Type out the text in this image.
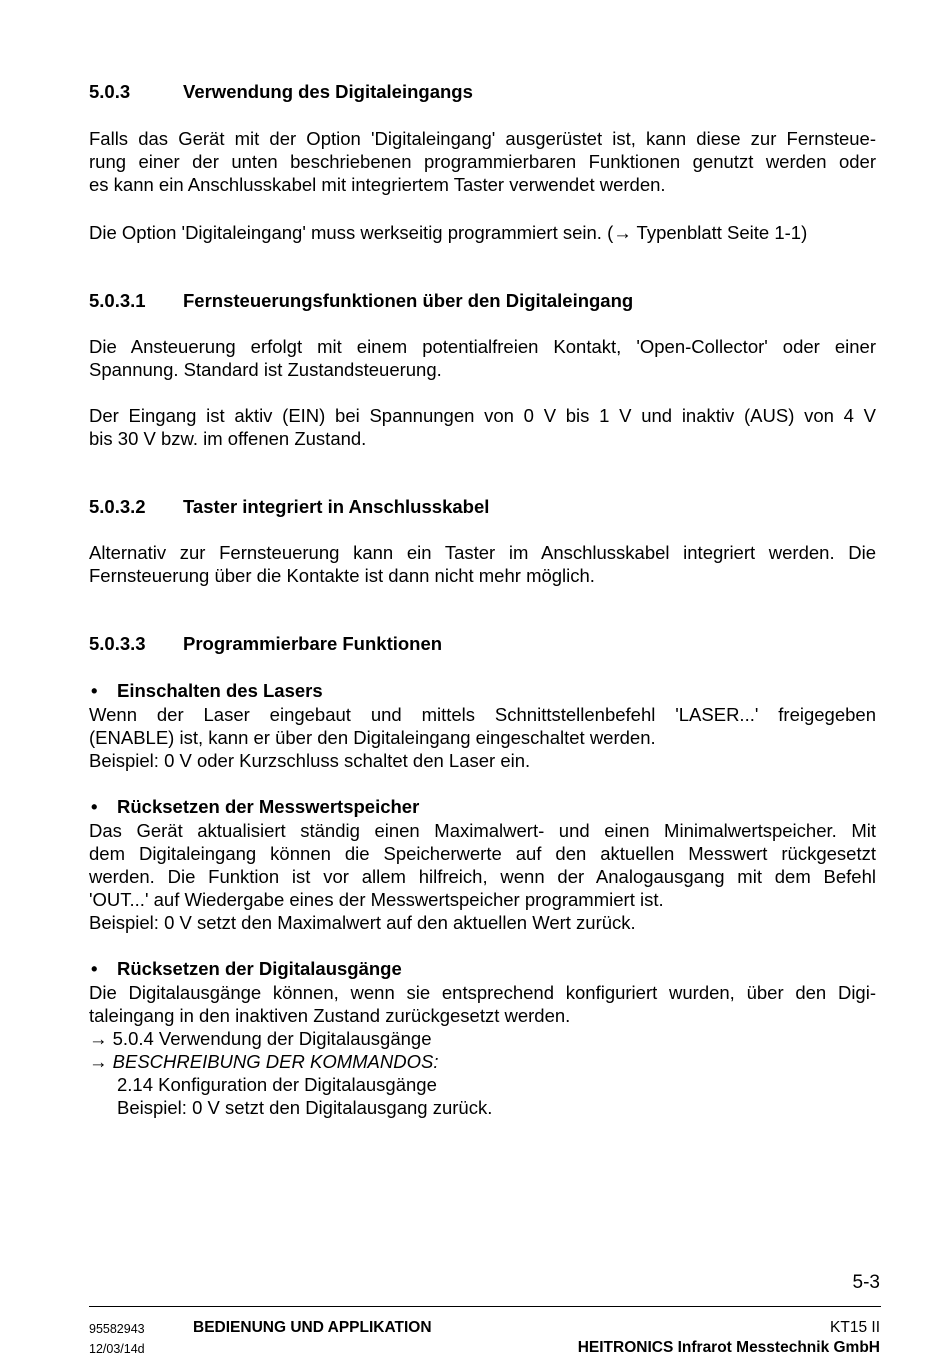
5.0.3	Verwendung des Digitaleingangs
Falls das Gerät mit der Option 'Digitaleingang' ausgerüstet ist, kann diese zur Fernsteue-
rung einer der unten beschriebenen programmierbaren Funktionen genutzt werden oder
es kann ein Anschlusskabel mit integriertem Taster verwendet werden.
Die Option 'Digitaleingang' muss werkseitig programmiert sein. (→ Typenblatt Seite 1-1)
5.0.3.1 Fernsteuerungsfunktionen über den Digitaleingang
Die Ansteuerung erfolgt mit einem potentialfreien Kontakt, 'Open-Collector' oder einer
Spannung. Standard ist Zustandsteuerung.
Der Eingang ist aktiv (EIN) bei Spannungen von 0 V bis 1 V und inaktiv (AUS) von 4 V
bis 30 V bzw. im offenen Zustand.
5.0.3.2 Taster integriert in Anschlusskabel
Alternativ zur Fernsteuerung kann ein Taster im Anschlusskabel integriert werden. Die
Fernsteuerung über die Kontakte ist dann nicht mehr möglich.
5.0.3.3 Programmierbare Funktionen
• Einschalten des Lasers
Wenn der Laser eingebaut und mittels Schnittstellenbefehl 'LASER...' freigegeben
(ENABLE) ist, kann er über den Digitaleingang eingeschaltet werden.
Beispiel: 0 V oder Kurzschluss schaltet den Laser ein.
• Rücksetzen der Messwertspeicher
Das Gerät aktualisiert ständig einen Maximalwert- und einen Minimalwertspeicher. Mit
dem Digitaleingang können die Speicherwerte auf den aktuellen Messwert rückgesetzt
werden. Die Funktion ist vor allem hilfreich, wenn der Analogausgang mit dem Befehl
'OUT...' auf Wiedergabe eines der Messwertspeicher programmiert ist.
Beispiel: 0 V setzt den Maximalwert auf den aktuellen Wert zurück.
• Rücksetzen der Digitalausgänge
Die Digitalausgänge können, wenn sie entsprechend konfiguriert wurden, über den Digi-
taleingang in den inaktiven Zustand zurückgesetzt werden.
→ 5.0.4 Verwendung der Digitalausgänge
→ BESCHREIBUNG DER KOMMANDOS:
2.14 Konfiguration der Digitalausgänge
Beispiel: 0 V setzt den Digitalausgang zurück.
5-3
95582943
12/03/14d
BEDIENUNG UND APPLIKATION	KT15 II
HEITRONICS Infrarot Messtechnik GmbH
